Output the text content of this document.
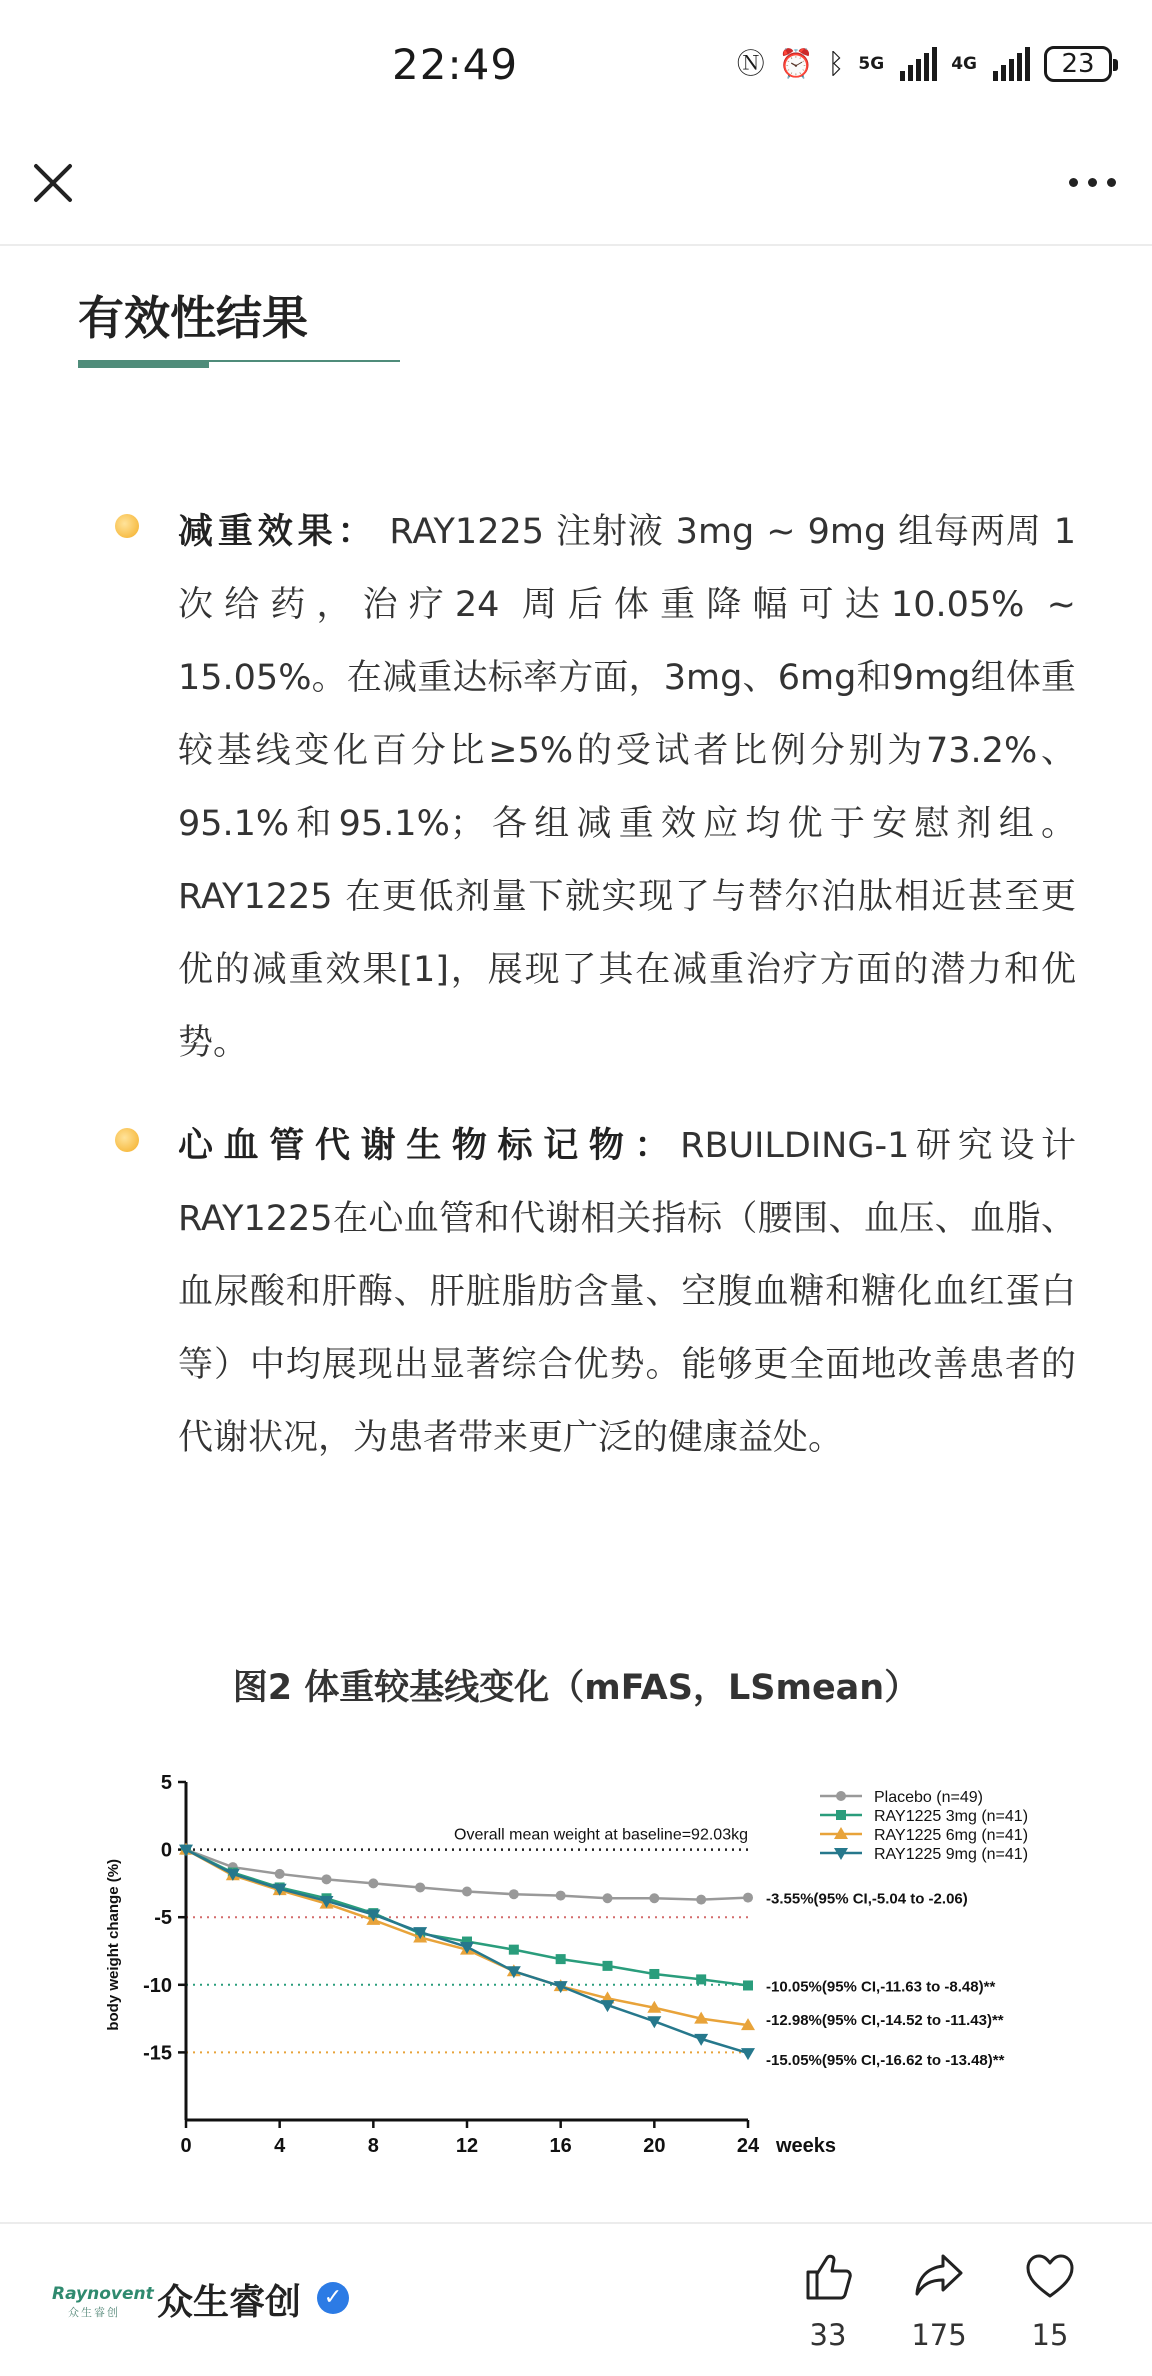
22:49	Ⓝ ⏰ ᛒ 5G	4G	23
有效性结果
减重效果： RAY1225 注射液 3mg ~ 9mg 组每两周 1次给药，治疗24 周后体重降幅可达10.05% ~ 15.05%。在减重达标率方面，3mg、6mg和9mg组体重较基线变化百分比≥5%的受试者比例分别为73.2%、95.1%和95.1%；各组减重效应均优于安慰剂组。RAY1225 在更低剂量下就实现了与替尔泊肽相近甚至更优的减重效果[1]，展现了其在减重治疗方面的潜力和优势。
心血管代谢生物标记物：RBUILDING-1研究设计RAY1225在心血管和代谢相关指标（腰围、血压、血脂、血尿酸和肝酶、肝脏脂肪含量、空腹血糖和糖化血红蛋白等）中均展现出显著综合优势。能够更全面地改善患者的代谢状况，为患者带来更广泛的健康益处。
图2 体重较基线变化（mFAS，LSmean）
5
0
-5
-10
-15
0	4	8	12	16	20	24 weeks
body weight change (%)
Overall mean weight at baseline=92.03kg
-3.55%(95% CI,-5.04 to -2.06)
-10.05%(95% CI,-11.63 to -8.48)**
-12.98%(95% CI,-14.52 to -11.43)**
-15.05%(95% CI,-16.62 to -13.48)**
Placebo (n=49)
RAY1225 3mg (n=41)
RAY1225 6mg (n=41)
RAY1225 9mg (n=41)
Raynovent
众生睿创	众生睿创	✓
33	175	15
